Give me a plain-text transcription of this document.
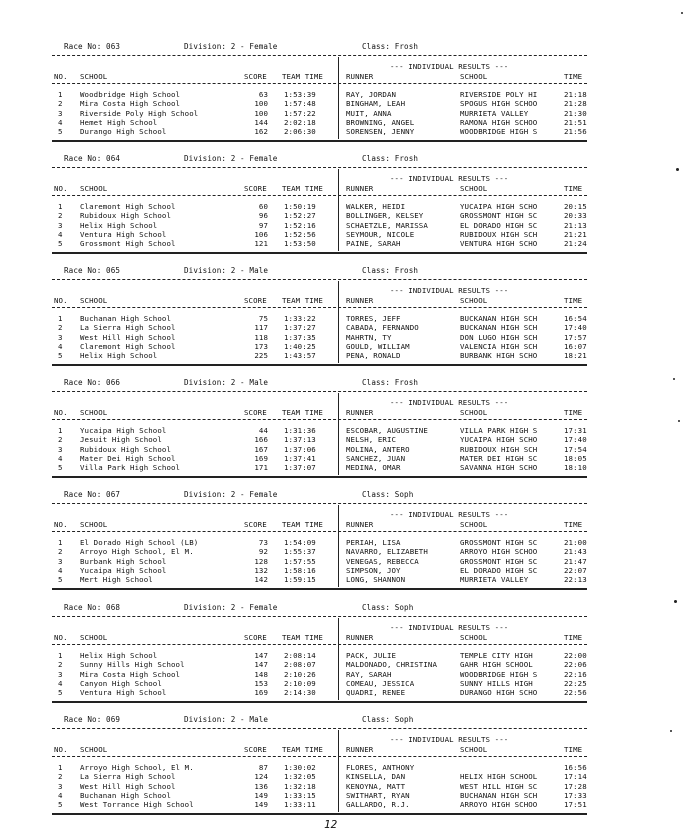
Race No: 063	Division: 2 - Female	Class: Frosh
--- INDIVIDUAL RESULTS ---
NO. SCHOOL	SCORE TEAM TIME	RUNNER	SCHOOL	TIME
1 Woodbridge High School	63 1:53:39	RAY, JORDAN	RIVERSIDE POLY HI	21:18
2 Mira Costa High School	100 1:57:48	BINGHAM, LEAH	SPOGUS HIGH SCHOO	21:28
3 Riverside Poly High School	100 1:57:22	MUIT, ANNA	MURRIETA VALLEY	21:30
4 Hemet High School	144 2:02:18	BROWNING, ANGEL	RAMONA HIGH SCHOO	21:51
5 Durango High School	162 2:06:30	SORENSEN, JENNY	WOODBRIDGE HIGH S	21:56
Race No: 064	Division: 2 - Female	Class: Frosh
--- INDIVIDUAL RESULTS ---
NO. SCHOOL	SCORE TEAM TIME	RUNNER	SCHOOL	TIME
1 Claremont High School	60 1:50:19	WALKER, HEIDI	YUCAIPA HIGH SCHO	20:15
2 Rubidoux High School	96 1:52:27	BOLLINGER, KELSEY	GROSSMONT HIGH SC	20:33
3 Helix High School	97 1:52:16	SCHAETZLE, MARISSA	EL DORADO HIGH SC	21:13
4 Ventura High School	106 1:52:56	SEYMOUR, NICOLE	RUBIDOUX HIGH SCH	21:21
5 Grossmont High School	121 1:53:50	PAINE, SARAH	VENTURA HIGH SCHO	21:24
Race No: 065	Division: 2 - Male	Class: Frosh
--- INDIVIDUAL RESULTS ---
NO. SCHOOL	SCORE TEAM TIME	RUNNER	SCHOOL	TIME
1 Buchanan High School	75 1:33:22	TORRES, JEFF	BUCKANAN HIGH SCH	16:54
2 La Sierra High School	117 1:37:27	CABADA, FERNANDO	BUCKANAN HIGH SCH	17:40
3 West Hill High School	118 1:37:35	MAHRTN, TY	DON LUGO HIGH SCH	17:57
4 Claremont High School	173 1:40:25	GOULD, WILLIAM	VALENCIA HIGH SCH	16:07
5 Helix High School	225 1:43:57	PENA, RONALD	BURBANK HIGH SCHO	18:21
Race No: 066	Division: 2 - Male	Class: Frosh
--- INDIVIDUAL RESULTS ---
NO. SCHOOL	SCORE TEAM TIME	RUNNER	SCHOOL	TIME
1 Yucaipa High School	44 1:31:36	ESCOBAR, AUGUSTINE	VILLA PARK HIGH S	17:31
2 Jesuit High School	166 1:37:13	NELSH, ERIC	YUCAIPA HIGH SCHO	17:40
3 Rubidoux High School	167 1:37:06	MOLINA, ANTERO	RUBIDOUX HIGH SCH	17:54
4 Mater Dei High School	169 1:37:41	SANCHEZ, JUAN	MATER DEI HIGH SC	18:05
5 Villa Park High School	171 1:37:07	MEDINA, OMAR	SAVANNA HIGH SCHO	18:10
Race No: 067	Division: 2 - Female	Class: Soph
--- INDIVIDUAL RESULTS ---
NO. SCHOOL	SCORE TEAM TIME	RUNNER	SCHOOL	TIME
1 El Dorado High School (LB)	73 1:54:09	PERIAH, LISA	GROSSMONT HIGH SC	21:00
2 Arroyo High School, El M.	92 1:55:37	NAVARRO, ELIZABETH	ARROYO HIGH SCHOO	21:43
3 Burbank High School	128 1:57:55	VENEGAS, REBECCA	GROSSMONT HIGH SC	21:47
4 Yucaipa High School	132 1:58:16	SIMPSON, JOY	EL DORADO HIGH SC	22:07
5 Mert High School	142 1:59:15	LONG, SHANNON	MURRIETA VALLEY	22:13
Race No: 068	Division: 2 - Female	Class: Soph
--- INDIVIDUAL RESULTS ---
NO. SCHOOL	SCORE TEAM TIME	RUNNER	SCHOOL	TIME
1 Helix High School	147 2:08:14	PACK, JULIE	TEMPLE CITY HIGH	22:00
2 Sunny Hills High School	147 2:08:07	MALDONADO, CHRISTINA	GAHR HIGH SCHOOL	22:06
3 Mira Costa High School	148 2:10:26	RAY, SARAH	WOODBRIDGE HIGH S	22:16
4 Canyon High School	153 2:10:09	COMEAU, JESSICA	SUNNY HILLS HIGH	22:25
5 Ventura High School	169 2:14:30	QUADRI, RENEE	DURANGO HIGH SCHO	22:56
Race No: 069	Division: 2 - Male	Class: Soph
--- INDIVIDUAL RESULTS ---
NO. SCHOOL	SCORE TEAM TIME	RUNNER	SCHOOL	TIME
1 Arroyo High School, El M.	87 1:30:02	FLORES, ANTHONY	16:56
2 La Sierra High School	124 1:32:05	KINSELLA, DAN	HELIX HIGH SCHOOL	17:14
3 West Hill High School	136 1:32:18	KENOYNA, MATT	WEST HILL HIGH SC	17:28
4 Buchanan High School	149 1:33:15	SWITHART, RYAN	BUCHANAN HIGH SCH	17:33
5 West Torrance High School	149 1:33:11	GALLARDO, R.J.	ARROYO HIGH SCHOO	17:51
12
